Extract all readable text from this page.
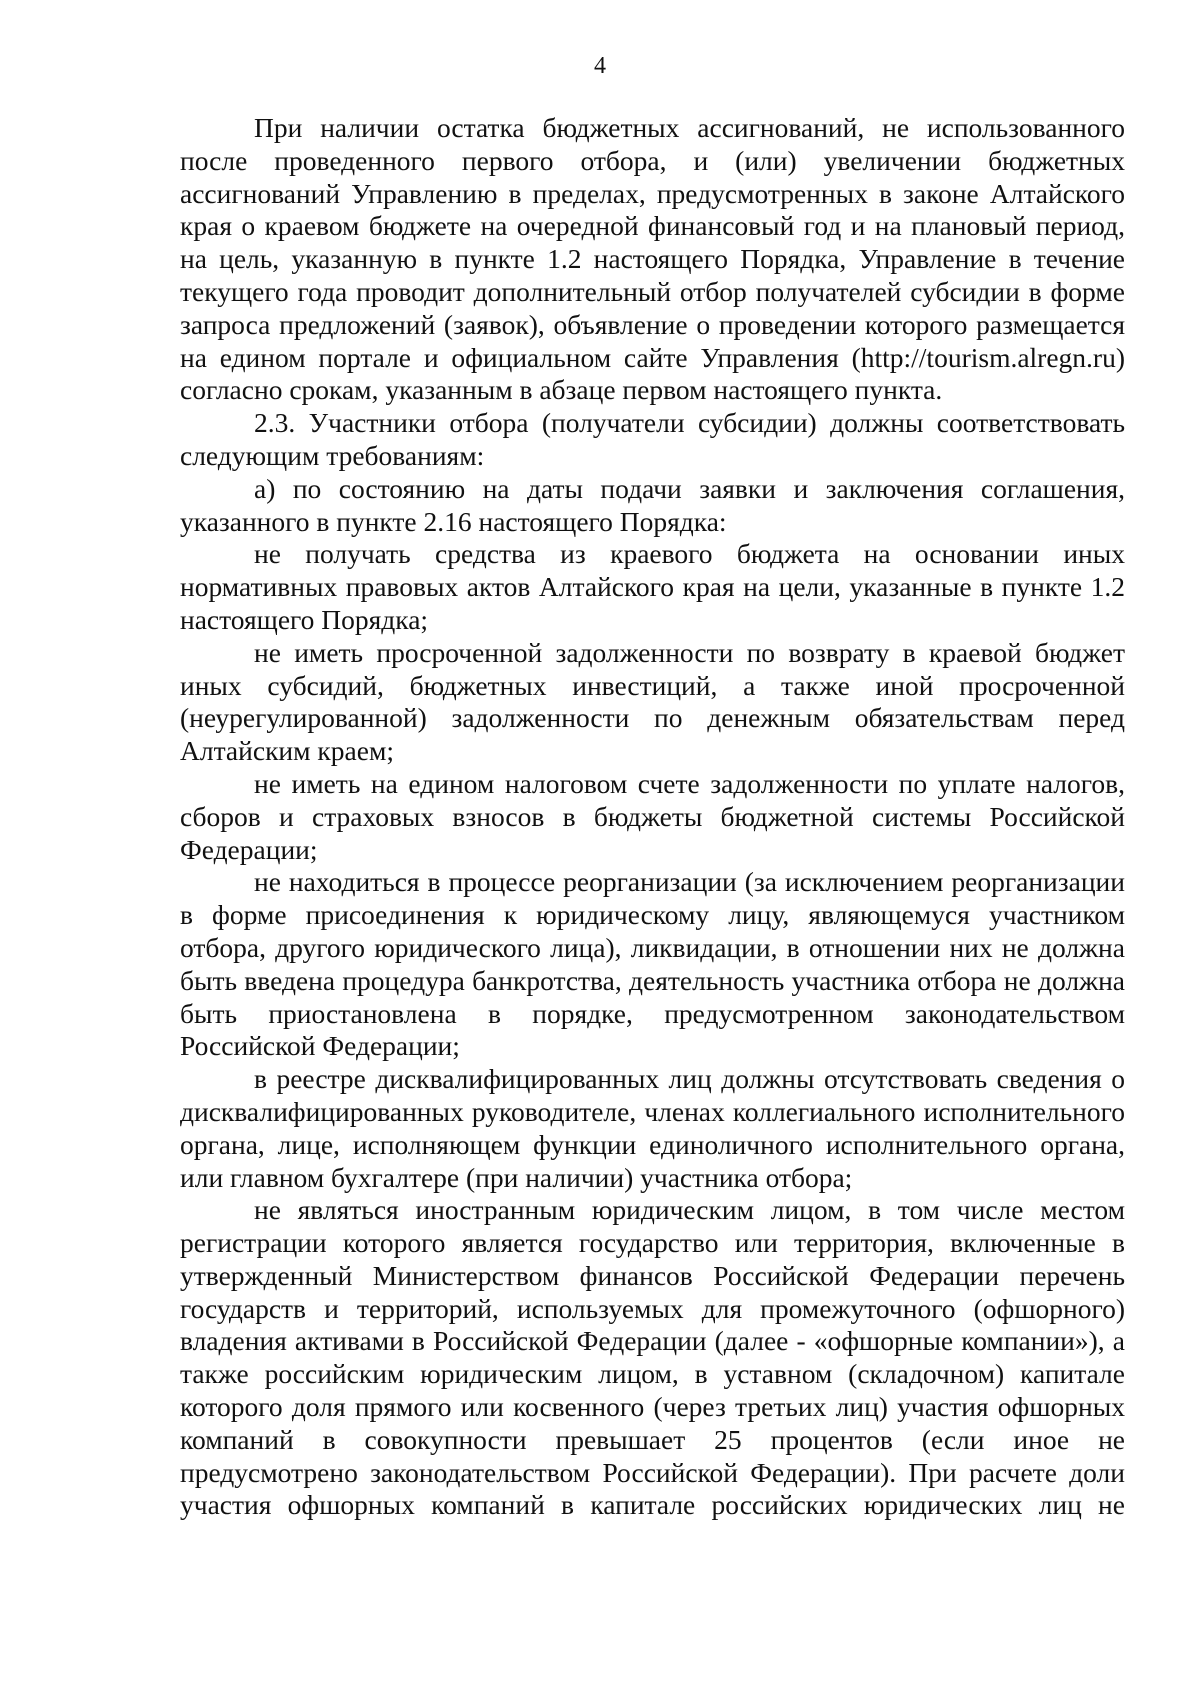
4

При наличии остатка бюджетных ассигнований, не использованного после проведенного первого отбора, и (или) увеличении бюджетных ассигнований Управлению в пределах, предусмотренных в законе Алтайского края о краевом бюджете на очередной финансовый год и на плановый период, на цель, указанную в пункте 1.2 настоящего Порядка, Управление в течение текущего года проводит дополнительный отбор получателей субсидии в форме запроса предложений (заявок), объявление о проведении которого размещается на едином портале и официальном сайте Управления (http://tourism.alregn.ru) согласно срокам, указанным в абзаце первом настоящего пункта.

2.3. Участники отбора (получатели субсидии) должны соответствовать следующим требованиям:

а) по состоянию на даты подачи заявки и заключения соглашения, указанного в пункте 2.16 настоящего Порядка:

не получать средства из краевого бюджета на основании иных нормативных правовых актов Алтайского края на цели, указанные в пункте 1.2 настоящего Порядка;

не иметь просроченной задолженности по возврату в краевой бюджет иных субсидий, бюджетных инвестиций, а также иной просроченной (неурегулированной) задолженности по денежным обязательствам перед Алтайским краем;

не иметь на едином налоговом счете задолженности по уплате налогов, сборов и страховых взносов в бюджеты бюджетной системы Российской Федерации;

не находиться в процессе реорганизации (за исключением реорганизации в форме присоединения к юридическому лицу, являющемуся участником отбора, другого юридического лица), ликвидации, в отношении них не должна быть введена процедура банкротства, деятельность участника отбора не должна быть приостановлена в порядке, предусмотренном законодательством Российской Федерации;

в реестре дисквалифицированных лиц должны отсутствовать сведения о дисквалифицированных руководителе, членах коллегиального исполнительного органа, лице, исполняющем функции единоличного исполнительного органа, или главном бухгалтере (при наличии) участника отбора;

не являться иностранным юридическим лицом, в том числе местом регистрации которого является государство или территория, включенные в утвержденный Министерством финансов Российской Федерации перечень государств и территорий, используемых для промежуточного (офшорного) владения активами в Российской Федерации (далее - «офшорные компании»), а также российским юридическим лицом, в уставном (складочном) капитале которого доля прямого или косвенного (через третьих лиц) участия офшорных компаний в совокупности превышает 25 процентов (если иное не предусмотрено законодательством Российской Федерации). При расчете доли участия офшорных компаний в капитале российских юридических лиц не
